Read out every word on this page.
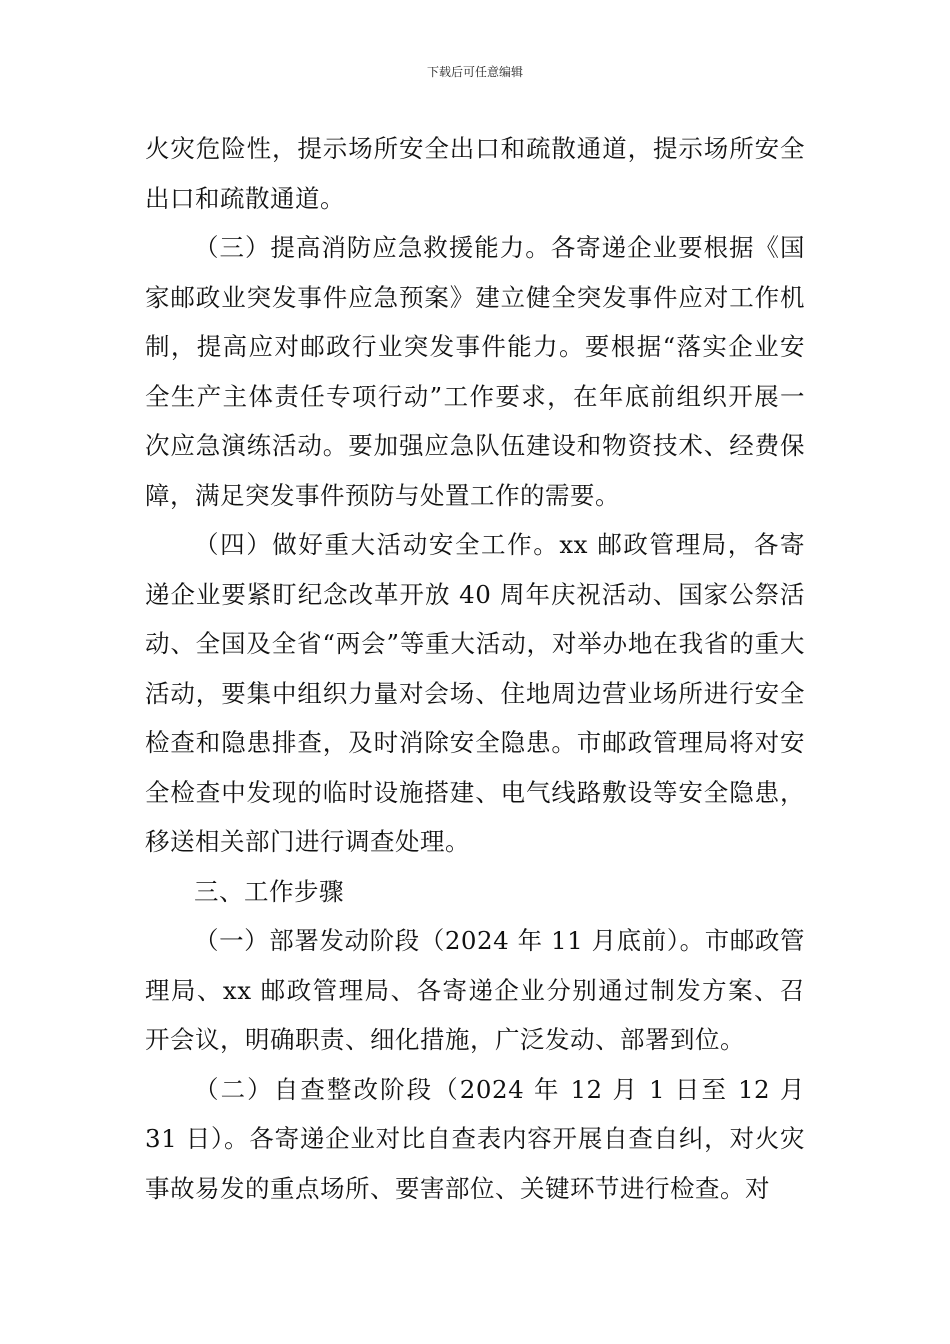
下载后可任意编辑

火灾危险性，提示场所安全出口和疏散通道，提示场所安全出口和疏散通道。

（三）提高消防应急救援能力。各寄递企业要根据《国家邮政业突发事件应急预案》建立健全突发事件应对工作机制，提高应对邮政行业突发事件能力。要根据“落实企业安全生产主体责任专项行动”工作要求，在年底前组织开展一次应急演练活动。要加强应急队伍建设和物资技术、经费保障，满足突发事件预防与处置工作的需要。

（四）做好重大活动安全工作。xx 邮政管理局，各寄递企业要紧盯纪念改革开放 40 周年庆祝活动、国家公祭活动、全国及全省“两会”等重大活动，对举办地在我省的重大活动，要集中组织力量对会场、住地周边营业场所进行安全检查和隐患排查，及时消除安全隐患。市邮政管理局将对安全检查中发现的临时设施搭建、电气线路敷设等安全隐患，移送相关部门进行调查处理。

三、工作步骤

（一）部署发动阶段（2024 年 11 月底前）。市邮政管理局、xx 邮政管理局、各寄递企业分别通过制发方案、召开会议，明确职责、细化措施，广泛发动、部署到位。

（二）自查整改阶段（2024 年 12 月 1 日至 12 月 31 日）。各寄递企业对比自查表内容开展自查自纠，对火灾事故易发的重点场所、要害部位、关键环节进行检查。对
